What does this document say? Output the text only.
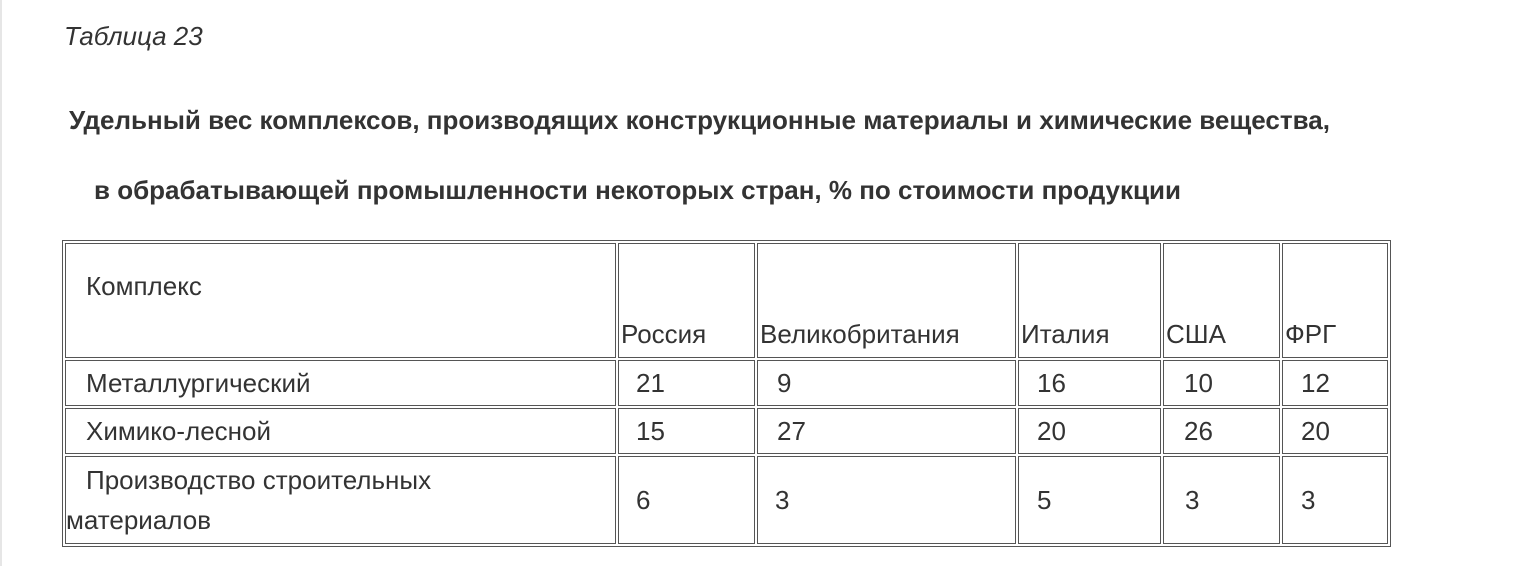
Таблица 23
Удельный вес комплексов, производящих конструкционные материалы и химические вещества,
в обрабатывающей промышленности некоторых стран, % по стоимости продукции
Комплекс	Россия	Великобритания	Италия	США	ФРГ
Металлургический	21	9	16	10	12
Химико-лесной	15	27	20	26	20

Производство строительных
материалов	6	3	5	3	3
